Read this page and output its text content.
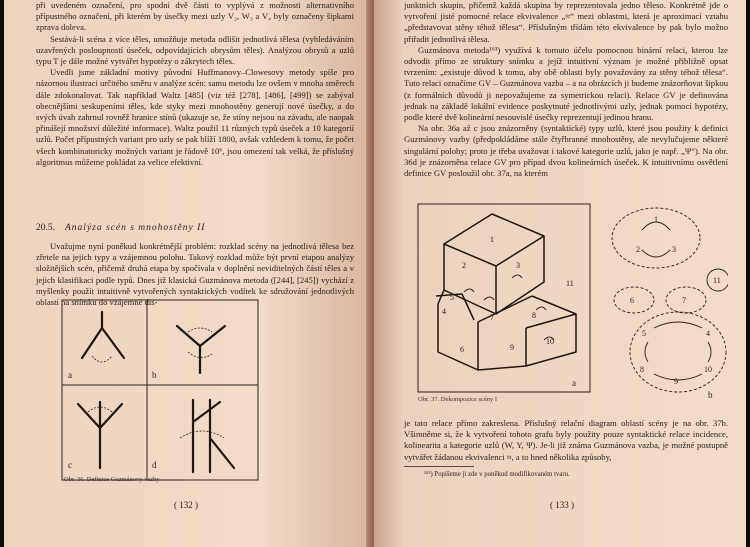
při uvedeném označení, pro spodní dvě části to vyplývá z možnosti alternativního přípustného označení, při kterém by úsečky mezi uzly V₂, W₃ a V₄ byly označeny šipkami zprava doleva.

Sestává-li scéna z více těles, umožňuje metoda odlišit jednotlivá tělesa (vyhledáváním uzavřených posloupností úseček, odpovídajících obrysům těles). Analýzou obrysů a uzlů typu T je dále možné vytvářet hypotézy o zákrytech těles.

Uvedli jsme základní motivy původní Huffmanovy–Clowesovy metody spíše pro názornou ilustraci určitého směru v analýze scén: samu metodu lze ovšem v mnoha směrech dále zdokonalovat. Tak například Waltz [485] (viz též [278], [486], [499]) se zabýval obecnějšími seskupeními těles, kde styky mezi mnohostěny generují nové úsečky, a do svých úvah zahrnul rovněž hranice stínů (ukazuje se, že stíny nejsou na závadu, ale naopak přinášejí množství důležité informace). Waltz použil 11 různých typů úseček a 10 kategorií uzlů. Počet přípustných variant pro uzly se pak blíží 1800, avšak vzhledem k tomu, že počet všech kombinatoricky možných variant je řádově 10⁶, jsou omezení tak velká, že příslušný algoritmus můžeme pokládat za velice efektivní.

20.5. Analýza scén s mnohostěny II

Uvažujme nyní poněkud konkrétnější problém: rozklad scény na jednotlivá tělesa bez zřetele na jejich typy a vzájemnou polohu. Takový rozklad může být první etapou analýzy složitějších scén, přičemž druhá etapa by spočívala v doplnění neviditelných částí těles a v jejich klasifikaci podle typů. Dnes již klasická Guzmánova metoda ([244], [245]) vychází z myšlenky použít intuitivně vytvořených syntaktických vodítek ke sdružování jednotlivých oblastí na snímku do vzájemně dis-

a	b
c	d
Obr. 36. Definice Guzmánovy vazby
( 132 )

junktních skupin, přičemž každá skupina by reprezentovala jedno těleso. Konkrétně jde o vytvoření jisté pomocné relace ekvivalence „≈“ mezi oblastmi, která je aproximací vztahu „představovat stěny téhož tělesa“. Příslušným třídám této ekvivalence by pak bylo možno přiřadit jednotlivá tělesa.

Guzmánova metoda¹⁶³) využívá k tomuto účelu pomocnou binární relaci, kterou lze odvodit přímo ze struktury snímku a jejíž intuitivní význam je možné přibližně opsat tvrzením: „existuje důvod k tomu, aby obě oblasti byly považovány za stěny téhož tělesa“. Tuto relaci označíme GV – Guzmánova vazba – a na obrázcích ji budeme znázorňovat šipkou (z formálních důvodů ji nepovažujeme za symetrickou relaci). Relace GV je definována jednak na základě lokální evidence poskytnuté jednotlivými uzly, jednak pomocí hypotézy, podle které dvě kolineární nesouvislé úsečky reprezentují jedinou hranu.

Na obr. 36a až c jsou znázorněny (syntaktické) typy uzlů, které jsou použity k definici Guzmánovy vazby (předpokládáme stále čtyřhranné mnohostěny, ale nevylučujeme některé singulární polohy; proto je třeba uvažovat i takové kategorie uzlů, jako je např. „Ψ“). Na obr. 36d je znázorněna relace GV pro případ dvou kolineárních úseček. K intuitivnímu osvětlení definice GV posloužil obr. 37a, na kterém

1
2	3
4
5
6
7	8
9
10
11
a
1
2	3
6	7
11
5	4
8
9
10
b
Obr. 37. Dekompozice scény I

je tato relace přímo zakreslena. Příslušný relační diagram oblastí scény je na obr. 37b. Všimněme si, že k vytvoření tohoto grafu byly použity pouze syntaktické relace incidence, kolinearita a kategorie uzlů (W, Y, Ψ). Je-li již známa Guzmánova vazba, je možné postupně vytvářet žádanou ekvivalenci ≈, a to hned několika způsoby,

¹⁶³) Popišeme ji zde v poněkud modifikovaném tvaru.
( 133 )
